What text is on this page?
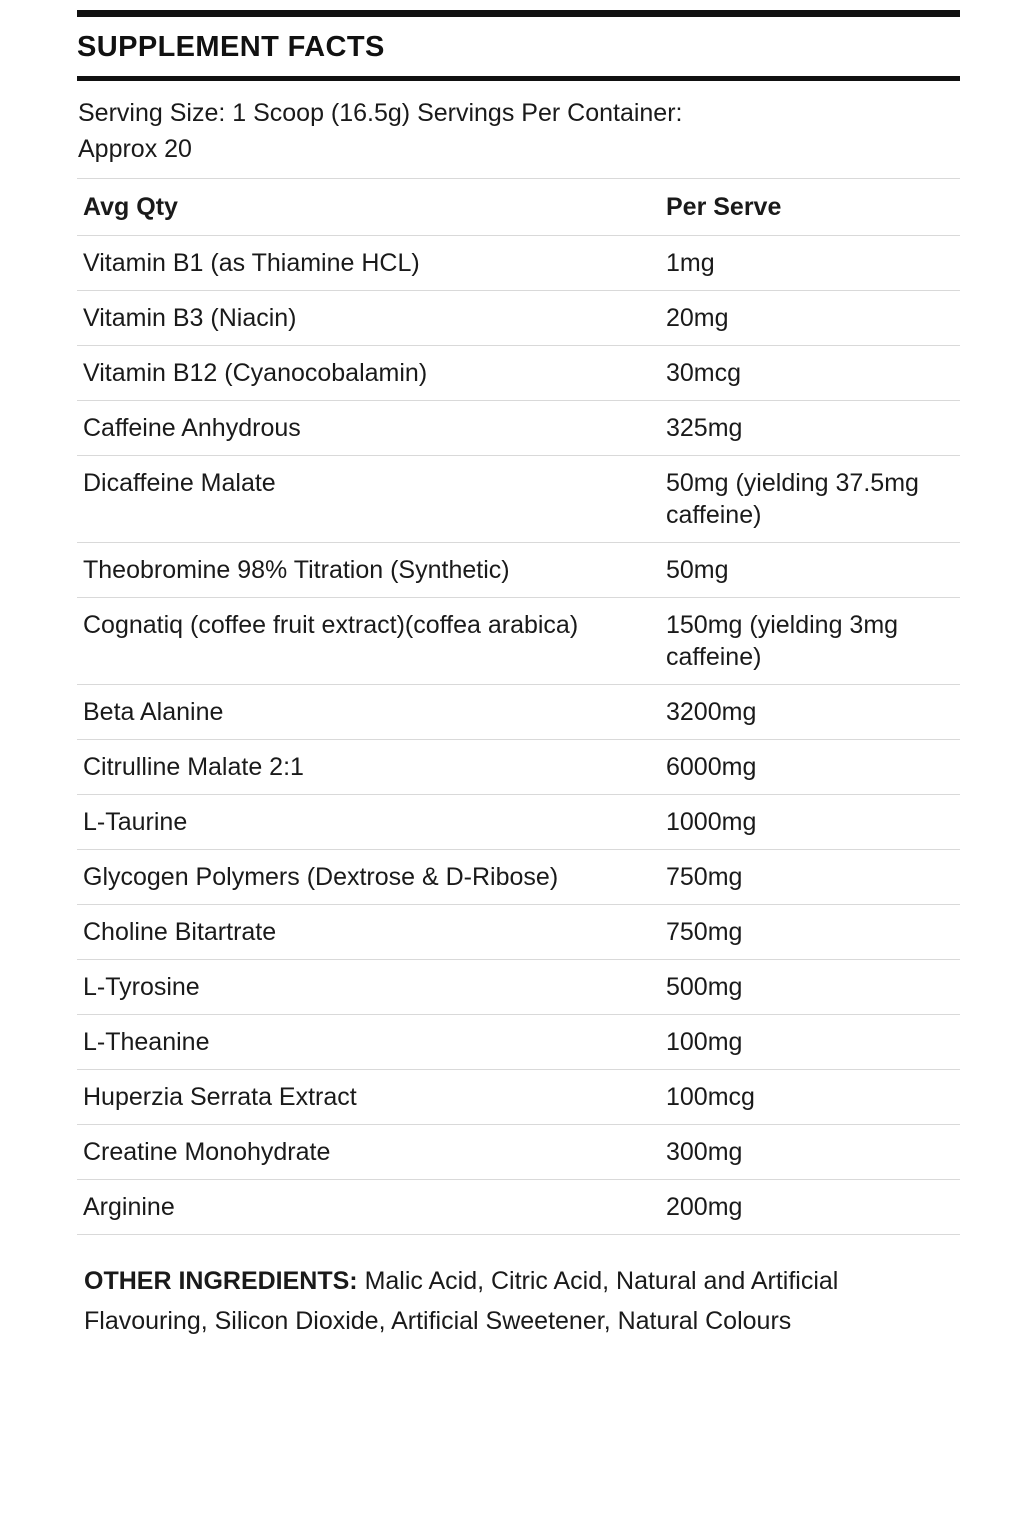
SUPPLEMENT FACTS
Serving Size: 1 Scoop (16.5g) Servings Per Container: Approx 20
Avg Qty	Per Serve
Vitamin B1 (as Thiamine HCL)	1mg
Vitamin B3 (Niacin)	20mg
Vitamin B12 (Cyanocobalamin)	30mcg
Caffeine Anhydrous	325mg
Dicaffeine Malate	50mg (yielding 37.5mg caffeine)
Theobromine 98% Titration (Synthetic)	50mg
Cognatiq (coffee fruit extract)(coffea arabica)	150mg (yielding 3mg caffeine)
Beta Alanine	3200mg
Citrulline Malate 2:1	6000mg
L-Taurine	1000mg
Glycogen Polymers (Dextrose & D-Ribose)	750mg
Choline Bitartrate	750mg
L-Tyrosine	500mg
L-Theanine	100mg
Huperzia Serrata Extract	100mcg
Creatine Monohydrate	300mg
Arginine	200mg
OTHER INGREDIENTS: Malic Acid, Citric Acid, Natural and Artificial Flavouring, Silicon Dioxide, Artificial Sweetener, Natural Colours
